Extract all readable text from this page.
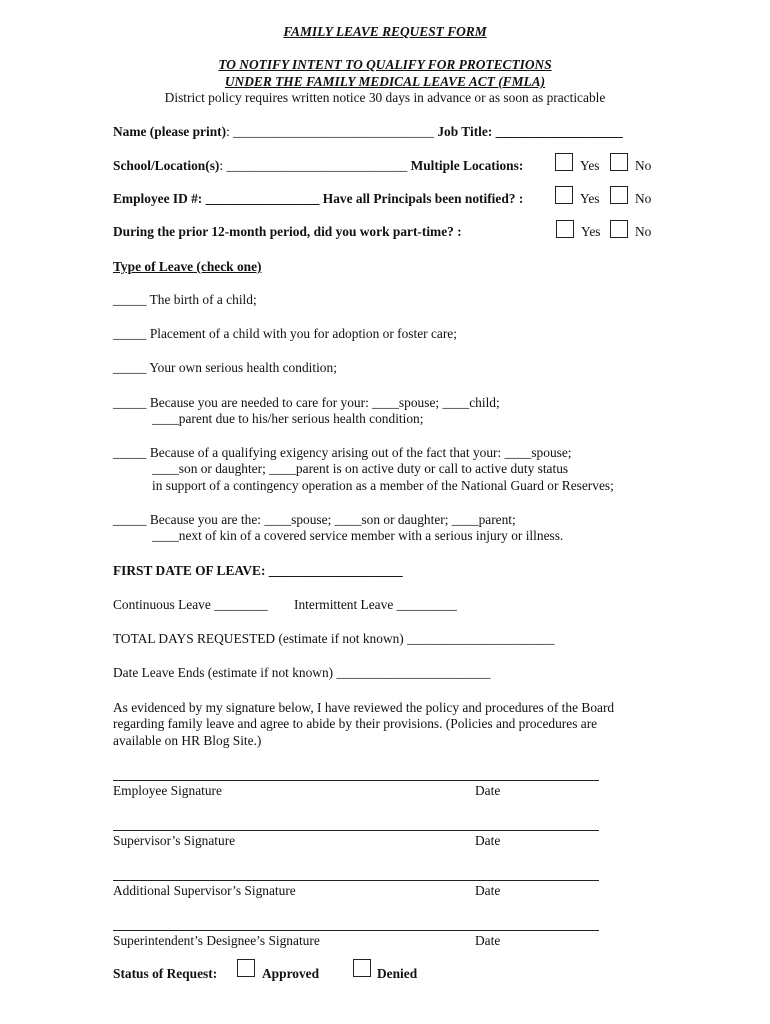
FAMILY LEAVE REQUEST FORM
TO NOTIFY INTENT TO QUALIFY FOR PROTECTIONS
UNDER THE FAMILY MEDICAL LEAVE ACT (FMLA)
District policy requires written notice 30 days in advance or as soon as practicable
Name (please print): ______________________________ Job Title: ___________________
School/Location(s): ___________________________ Multiple Locations:	Yes	No
Employee ID #: _________________ Have all Principals been notified? :	Yes	No
During the prior 12-month period, did you work part-time? :	Yes	No
Type of Leave (check one)
_____ The birth of a child;
_____ Placement of a child with you for adoption or foster care;
_____ Your own serious health condition;
_____ Because you are needed to care for your: ____spouse; ____child;
____parent due to his/her serious health condition;
_____ Because of a qualifying exigency arising out of the fact that your: ____spouse;
____son or daughter; ____parent is on active duty or call to active duty status
in support of a contingency operation as a member of the National Guard or Reserves;
_____ Because you are the: ____spouse; ____son or daughter; ____parent;
____next of kin of a covered service member with a serious injury or illness.
FIRST DATE OF LEAVE: ____________________
Continuous Leave ________ Intermittent Leave _________
TOTAL DAYS REQUESTED (estimate if not known) ______________________
Date Leave Ends (estimate if not known) _______________________
As evidenced by my signature below, I have reviewed the policy and procedures of the Board
regarding family leave and agree to abide by their provisions. (Policies and procedures are
available on HR Blog Site.)
Employee Signature	Date
Supervisor’s Signature	Date
Additional Supervisor’s Signature	Date
Superintendent’s Designee’s Signature	Date
Status of Request:	Approved	Denied
